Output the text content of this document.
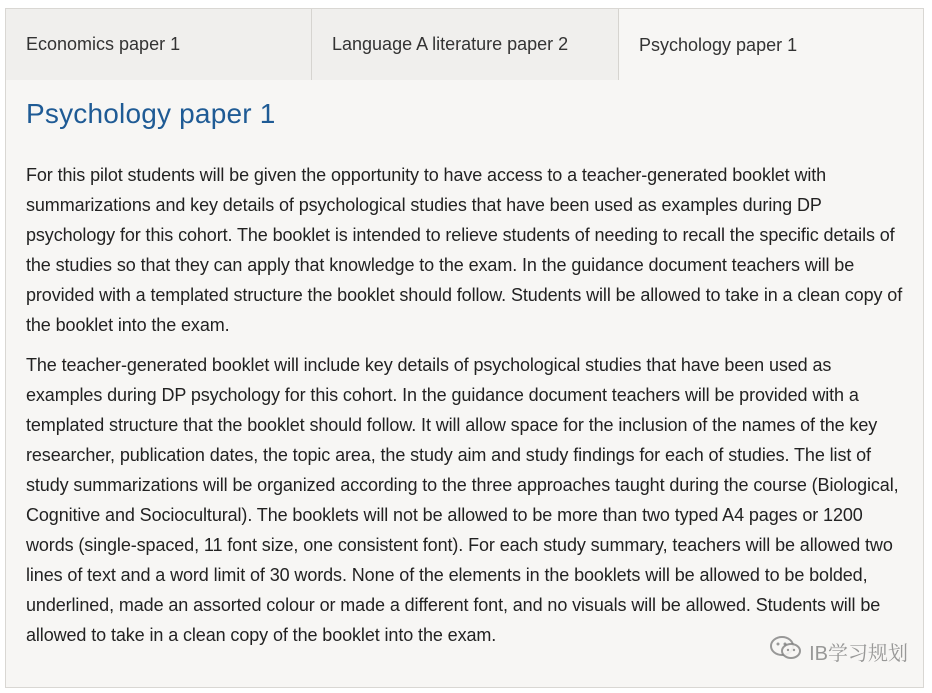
Economics paper 1	Language A literature paper 2	Psychology paper 1
Psychology paper 1

For this pilot students will be given the opportunity to have access to a teacher-generated booklet with summarizations and key details of psychological studies that have been used as examples during DP psychology for this cohort. The booklet is intended to relieve students of needing to recall the specific details of the studies so that they can apply that knowledge to the exam. In the guidance document teachers will be provided with a templated structure the booklet should follow. Students will be allowed to take in a clean copy of the booklet into the exam.

The teacher-generated booklet will include key details of psychological studies that have been used as examples during DP psychology for this cohort. In the guidance document teachers will be provided with a templated structure that the booklet should follow. It will allow space for the inclusion of the names of the key researcher, publication dates, the topic area, the study aim and study findings for each of studies. The list of study summarizations will be organized according to the three approaches taught during the course (Biological, Cognitive and Sociocultural). The booklets will not be allowed to be more than two typed A4 pages or 1200 words (single-spaced, 11 font size, one consistent font). For each study summary, teachers will be allowed two lines of text and a word limit of 30 words. None of the elements in the booklets will be allowed to be bolded, underlined, made an assorted colour or made a different font, and no visuals will be allowed. Students will be allowed to take in a clean copy of the booklet into the exam.

IB学习规划
